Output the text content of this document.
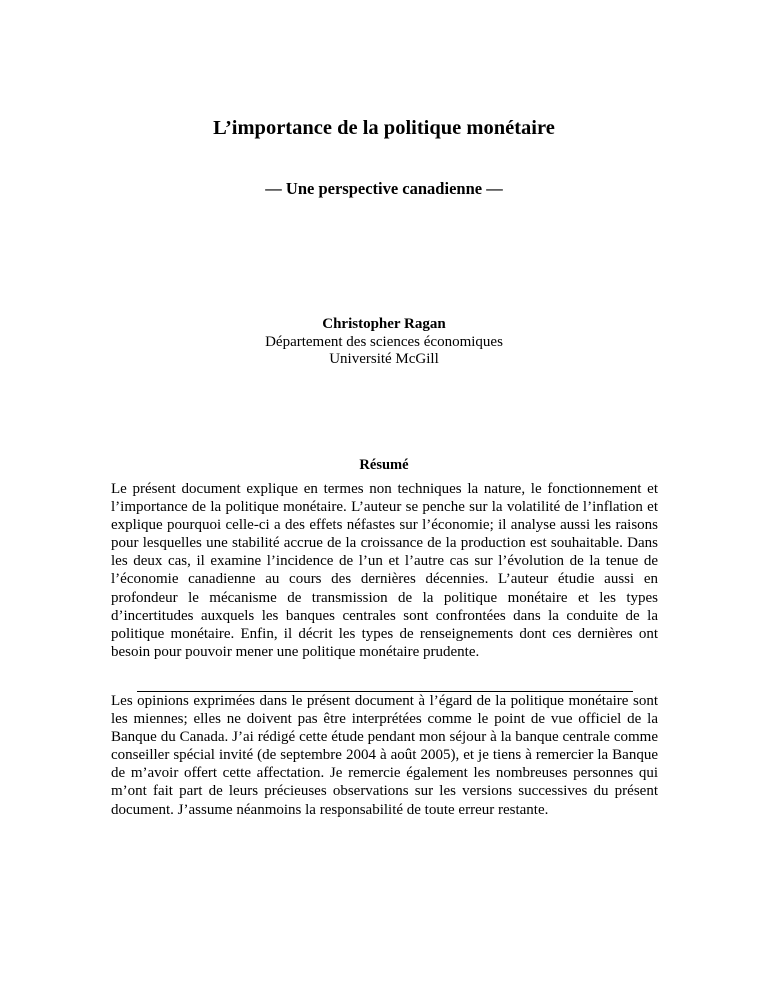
L’importance de la politique monétaire
— Une perspective canadienne —
Christopher Ragan
Département des sciences économiques
Université McGill
Résumé

Le présent document explique en termes non techniques la nature, le fonctionnement et l’importance de la politique monétaire. L’auteur se penche sur la volatilité de l’inflation et explique pourquoi celle-ci a des effets néfastes sur l’économie; il analyse aussi les raisons pour lesquelles une stabilité accrue de la croissance de la production est souhaitable. Dans les deux cas, il examine l’incidence de l’un et l’autre cas sur l’évolution de la tenue de l’économie canadienne au cours des dernières décennies. L’auteur étudie aussi en profondeur le mécanisme de transmission de la politique monétaire et les types d’incertitudes auxquels les banques centrales sont confrontées dans la conduite de la politique monétaire. Enfin, il décrit les types de renseignements dont ces dernières ont besoin pour pouvoir mener une politique monétaire prudente.

Les opinions exprimées dans le présent document à l’égard de la politique monétaire sont les miennes; elles ne doivent pas être interprétées comme le point de vue officiel de la Banque du Canada. J’ai rédigé cette étude pendant mon séjour à la banque centrale comme conseiller spécial invité (de septembre 2004 à août 2005), et je tiens à remercier la Banque de m’avoir offert cette affectation. Je remercie également les nombreuses personnes qui m’ont fait part de leurs précieuses observations sur les versions successives du présent document. J’assume néanmoins la responsabilité de toute erreur restante.
